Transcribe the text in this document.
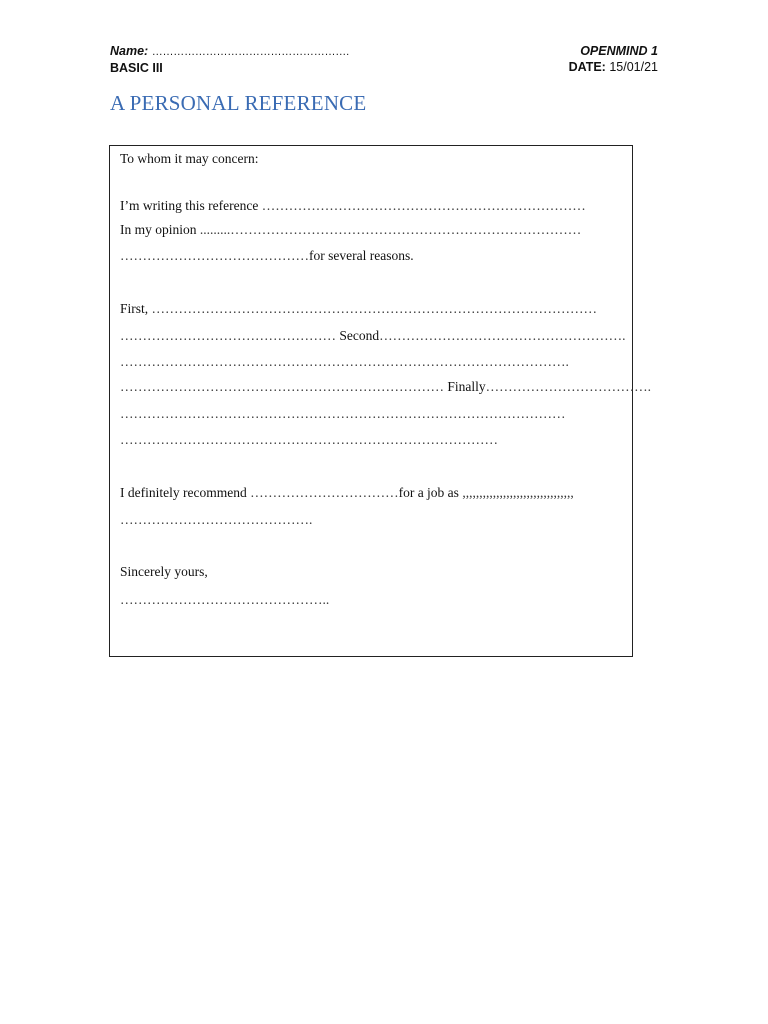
Name: ……………………………………………….
BASIC III
OPENMIND 1
DATE: 15/01/21
A PERSONAL REFERENCE
To whom it may concern:
I’m writing this reference ………………………………………………………………
In my opinion .........……………………………………………………………………
……………………………………for several reasons.
First, ………………………………………………………………………………………
………………………………………… Second……………………………………………….
……………………………………………………………………………………….
……………………………………………………………… Finally……………………………….
………………………………………………………………………………………
…………………………………………………………………………
I definitely recommend ……………………………for a job as ,,,,,,,,,,,,,,,,,,,,,,,,,,,,,,,,,
…………………………………….
Sincerely yours,
………………………………………..
